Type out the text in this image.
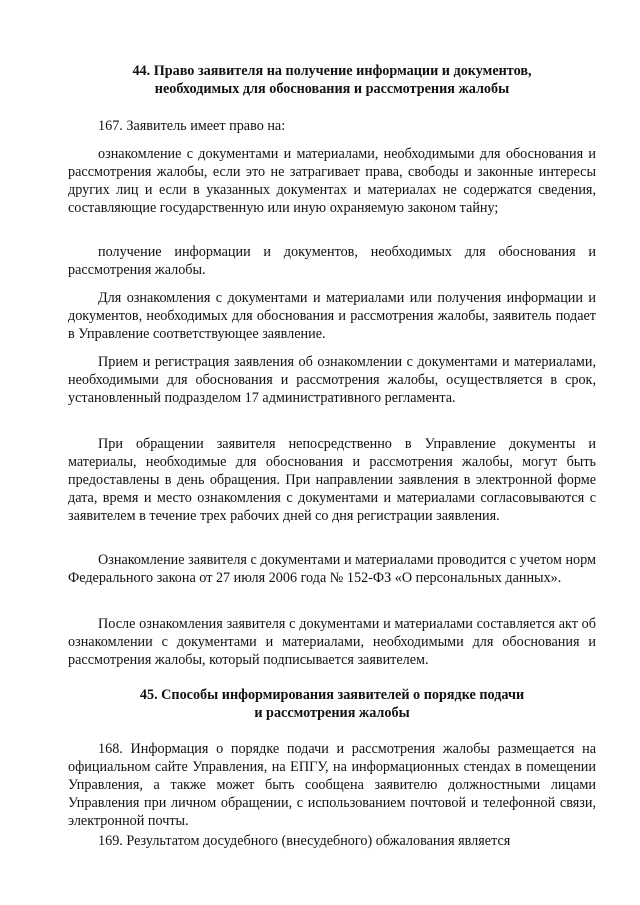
44. Право заявителя на получение информации и документов,
необходимых для обоснования и рассмотрения жалобы

167. Заявитель имеет право на:

ознакомление с документами и материалами, необходимыми для обоснования и рассмотрения жалобы, если это не затрагивает права, свободы и законные интересы других лиц и если в указанных документах и материалах не содержатся сведения, составляющие государственную или иную охраняемую законом тайну;

получение информации и документов, необходимых для обоснования и рассмотрения жалобы.

Для ознакомления с документами и материалами или получения информации и документов, необходимых для обоснования и рассмотрения жалобы, заявитель подает в Управление соответствующее заявление.

Прием и регистрация заявления об ознакомлении с документами и материалами, необходимыми для обоснования и рассмотрения жалобы, осуществляется в срок, установленный подразделом 17 административного регламента.

При обращении заявителя непосредственно в Управление документы и материалы, необходимые для обоснования и рассмотрения жалобы, могут быть предоставлены в день обращения. При направлении заявления в электронной форме дата, время и место ознакомления с документами и материалами согласовываются с заявителем в течение трех рабочих дней со дня регистрации заявления.

Ознакомление заявителя с документами и материалами проводится с учетом норм Федерального закона от 27 июля 2006 года № 152-ФЗ «О персональных данных».

После ознакомления заявителя с документами и материалами составляется акт об ознакомлении с документами и материалами, необходимыми для обоснования и рассмотрения жалобы, который подписывается заявителем.

45. Способы информирования заявителей о порядке подачи
и рассмотрения жалобы

168. Информация о порядке подачи и рассмотрения жалобы размещается на официальном сайте Управления, на ЕПГУ, на информационных стендах в помещении Управления, а также может быть сообщена заявителю должностными лицами Управления при личном обращении, с использованием почтовой и телефонной связи, электронной почты.

169. Результатом досудебного (внесудебного) обжалования является
